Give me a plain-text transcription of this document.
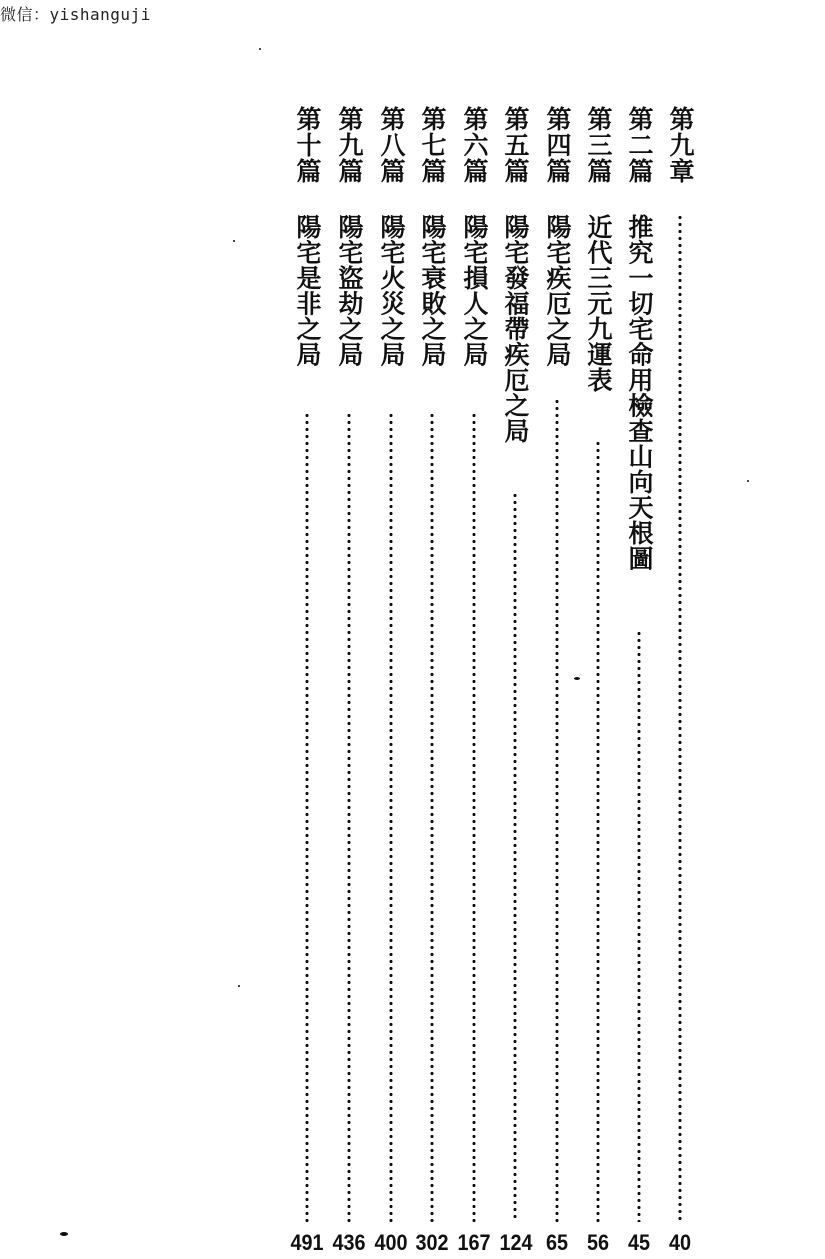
微信：yishanguji
第九章
第二篇
推究一切宅命用檢查山向天根圖
第三篇
近代三元九運表
第四篇
陽宅疾厄之局
第五篇
陽宅發福帶疾厄之局
第六篇
陽宅損人之局
第七篇
陽宅衰敗之局
第八篇
陽宅火災之局
第九篇
陽宅盜劫之局
第十篇
陽宅是非之局
40
45
56
65
124
167
302
400
436
491
